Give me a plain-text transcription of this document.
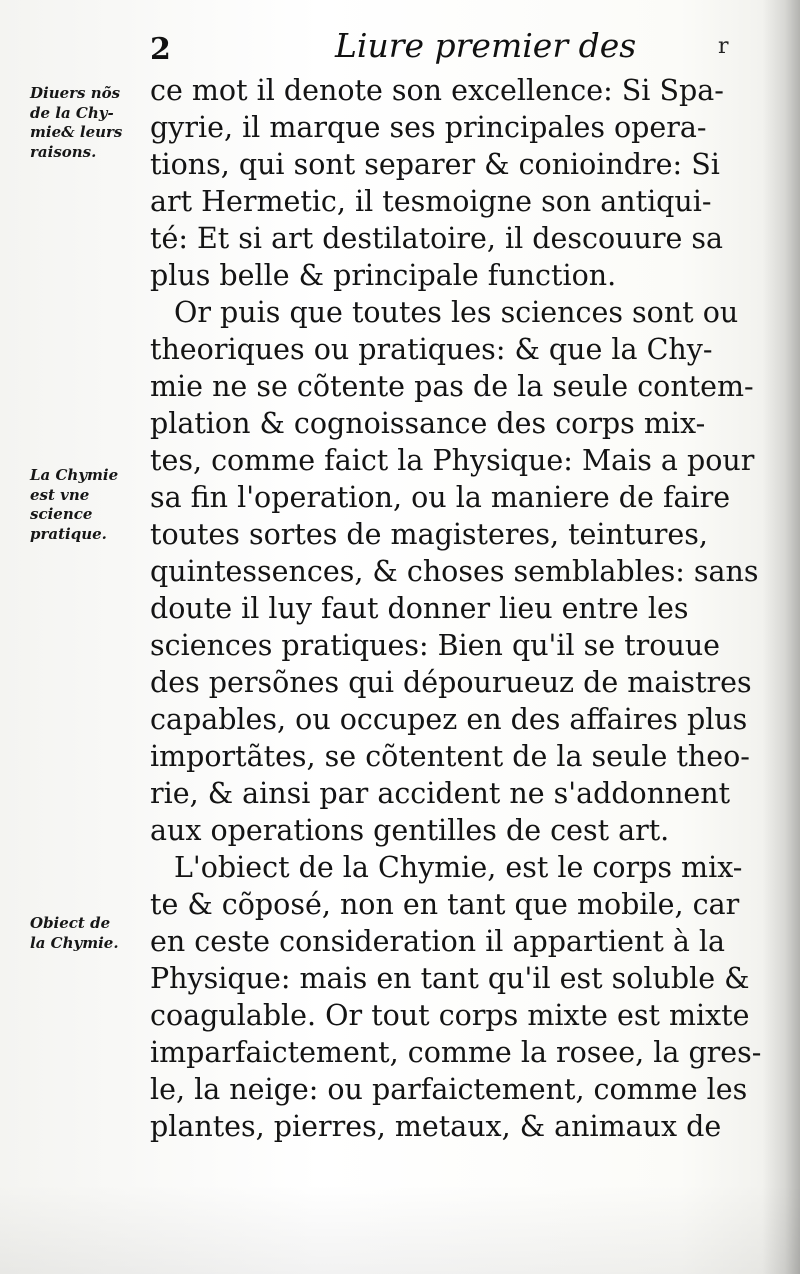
2	Liure premier des	r
Diuers nõs
de la Chy-
mie& leurs
raisons.
La Chymie
est vne
science
pratique.
Obiect de
la Chymie.
ce mot il denote son excellence: Si Spa-
gyrie, il marque ses principales opera-
tions, qui sont separer & conioindre: Si
art Hermetic, il tesmoigne son antiqui-
té: Et si art destilatoire, il descouure sa
plus belle & principale function.
Or puis que toutes les sciences sont ou
theoriques ou pratiques: & que la Chy-
mie ne se cõtente pas de la seule contem-
plation & cognoissance des corps mix-
tes, comme faict la Physique: Mais a pour
sa fin l'operation, ou la maniere de faire
toutes sortes de magisteres, teintures,
quintessences, & choses semblables: sans
doute il luy faut donner lieu entre les
sciences pratiques: Bien qu'il se trouue
des persõnes qui dépourueuz de maistres
capables, ou occupez en des affaires plus
importãtes, se cõtentent de la seule theo-
rie, & ainsi par accident ne s'addonnent
aux operations gentilles de cest art.
L'obiect de la Chymie, est le corps mix-
te & cõposé, non en tant que mobile, car
en ceste consideration il appartient à la
Physique: mais en tant qu'il est soluble &
coagulable. Or tout corps mixte est mixte
imparfaictement, comme la rosee, la gres-
le, la neige: ou parfaictement, comme les
plantes, pierres, metaux, & animaux de
